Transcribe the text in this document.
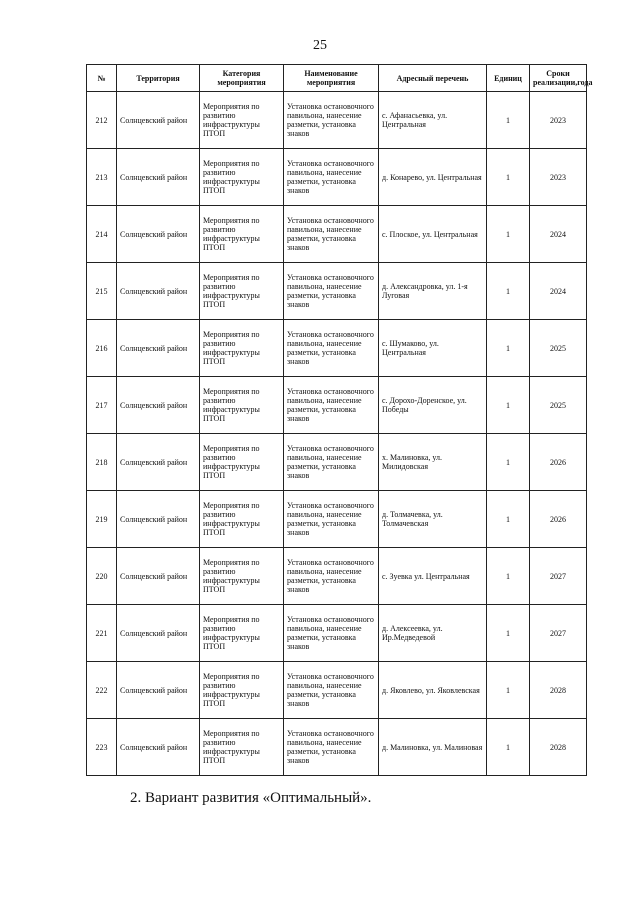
25
№	Территория	Категория мероприятия	Наименование мероприятия	Адресный перечень	Единиц	Сроки реализации,года
212	Солнцевский район	Мероприятия по развитию инфраструктуры ПТОП	Установка остановочного павильона, нанесение разметки, установка знаков	с. Афанасьевка, ул. Центральная	1	2023
213	Солнцевский район	Мероприятия по развитию инфраструктуры ПТОП	Установка остановочного павильона, нанесение разметки, установка знаков	д. Конарево, ул. Центральная	1	2023
214	Солнцевский район	Мероприятия по развитию инфраструктуры ПТОП	Установка остановочного павильона, нанесение разметки, установка знаков	с. Плоское, ул. Центральная	1	2024
215	Солнцевский район	Мероприятия по развитию инфраструктуры ПТОП	Установка остановочного павильона, нанесение разметки, установка знаков	д. Александровка, ул. 1-я Луговая	1	2024
216	Солнцевский район	Мероприятия по развитию инфраструктуры ПТОП	Установка остановочного павильона, нанесение разметки, установка знаков	с. Шумаково, ул. Центральная	1	2025
217	Солнцевский район	Мероприятия по развитию инфраструктуры ПТОП	Установка остановочного павильона, нанесение разметки, установка знаков	с. Дорохо-Доренское, ул. Победы	1	2025
218	Солнцевский район	Мероприятия по развитию инфраструктуры ПТОП	Установка остановочного павильона, нанесение разметки, установка знаков	х. Малиновка, ул. Милидовская	1	2026
219	Солнцевский район	Мероприятия по развитию инфраструктуры ПТОП	Установка остановочного павильона, нанесение разметки, установка знаков	д. Толмачевка, ул. Толмачевская	1	2026
220	Солнцевский район	Мероприятия по развитию инфраструктуры ПТОП	Установка остановочного павильона, нанесение разметки, установка знаков	с. Зуевка ул. Центральная	1	2027
221	Солнцевский район	Мероприятия по развитию инфраструктуры ПТОП	Установка остановочного павильона, нанесение разметки, установка знаков	д. Алексеевка, ул. Ир.Медведевой	1	2027
222	Солнцевский район	Мероприятия по развитию инфраструктуры ПТОП	Установка остановочного павильона, нанесение разметки, установка знаков	д. Яковлево, ул. Яковлевская	1	2028
223	Солнцевский район	Мероприятия по развитию инфраструктуры ПТОП	Установка остановочного павильона, нанесение разметки, установка знаков	д. Малиновка, ул. Малиновая	1	2028
2. Вариант развития «Оптимальный».
